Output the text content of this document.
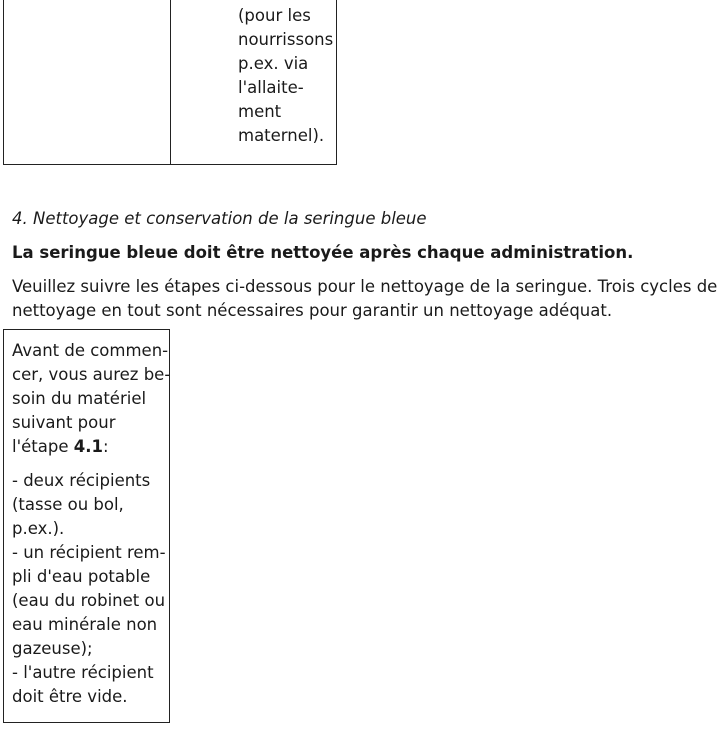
(pour les
nourrissons
p.ex. via
l'allaite-
ment
maternel).
4. Nettoyage et conservation de la seringue bleue
La seringue bleue doit être nettoyée après chaque administration.
Veuillez suivre les étapes ci-dessous pour le nettoyage de la seringue. Trois cycles de
nettoyage en tout sont nécessaires pour garantir un nettoyage adéquat.
Avant de commen-
cer, vous aurez be-
soin du matériel
suivant pour
l'étape 4.1:
- deux récipients
(tasse ou bol,
p.ex.).
- un récipient rem-
pli d'eau potable
(eau du robinet ou
eau minérale non
gazeuse);
- l'autre récipient
doit être vide.
